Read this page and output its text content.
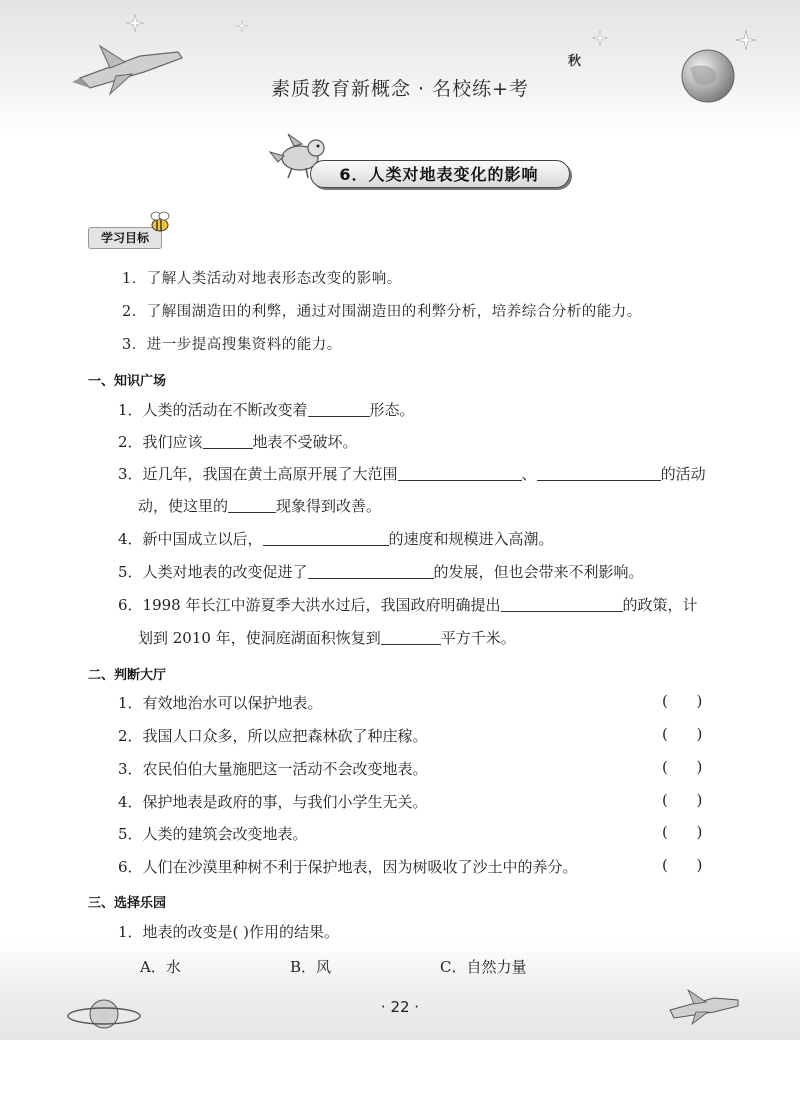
素质教育新概念 · 名校练+考
秋
6．人类对地表变化的影响
学习目标
1．了解人类活动对地表形态改变的影响。
2．了解围湖造田的利弊，通过对围湖造田的利弊分析，培养综合分析的能力。
3．进一步提高搜集资料的能力。
一、知识广场
1．人类的活动在不断改变着	形态。
2．我们应该	地表不受破坏。
3．近几年，我国在黄土高原开展了大范围	、	的活动
动，使这里的	现象得到改善。
4．新中国成立以后，	的速度和规模进入高潮。
5．人类对地表的改变促进了	的发展，但也会带来不利影响。
6．1998 年长江中游夏季大洪水过后，我国政府明确提出	的政策，计
划到 2010 年，使洞庭湖面积恢复到	平方千米。
二、判断大厅
1．有效地治水可以保护地表。	(      )
2．我国人口众多，所以应把森林砍了种庄稼。	(      )
3．农民伯伯大量施肥这一活动不会改变地表。	(      )
4．保护地表是政府的事，与我们小学生无关。	(      )
5．人类的建筑会改变地表。	(      )
6．人们在沙漠里种树不利于保护地表，因为树吸收了沙土中的养分。	(      )
三、选择乐园
1．地表的改变是( )作用的结果。
A．水	B．风	C．自然力量
· 22 ·
